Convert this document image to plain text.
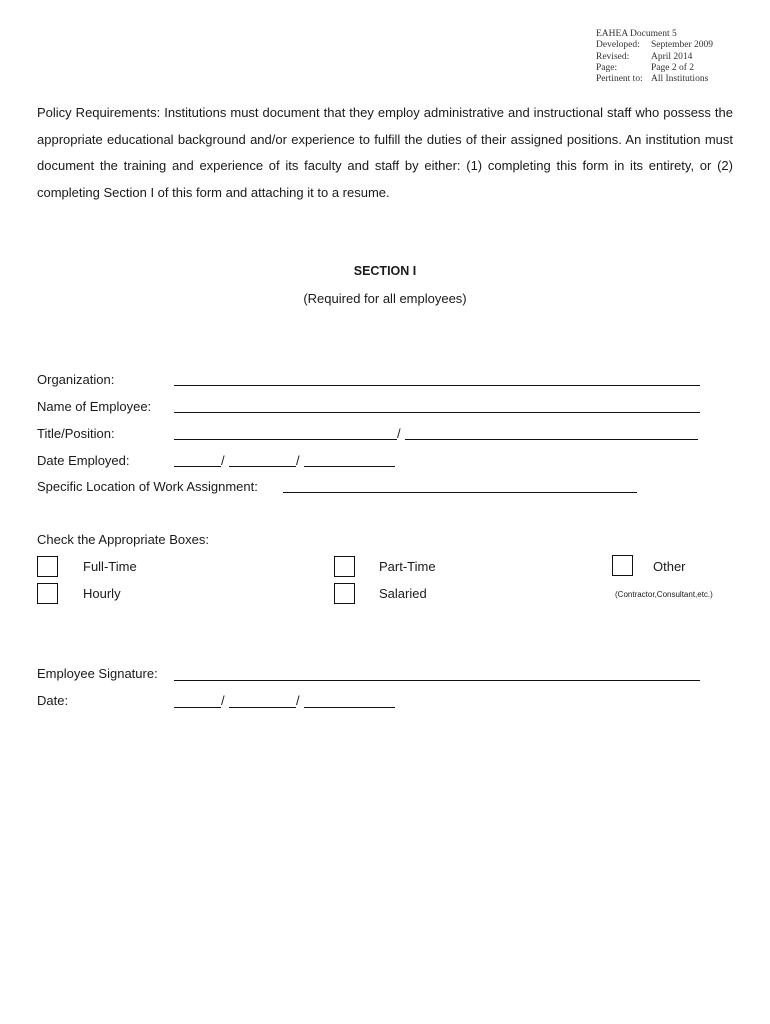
EAHEA Document 5
Developed:	September 2009
Revised:	April 2014
Page:	Page 2 of 2
Pertinent to: All Institutions

Policy Requirements: Institutions must document that they employ administrative and instructional staff who possess the appropriate educational background and/or experience to fulfill the duties of their assigned positions. An institution must document the training and experience of its faculty and staff by either: (1) completing this form in its entirety, or (2) completing Section I of this form and attaching it to a resume.

SECTION I
(Required for all employees)
Organization:
Name of Employee:
Title/Position:	/
Date Employed:	/	/
Specific Location of Work Assignment:
Check the Appropriate Boxes:
Full-Time
Hourly
Part-Time
Salaried
Other
(Contractor,Consultant,etc.)
Employee Signature:
Date:	/	/
